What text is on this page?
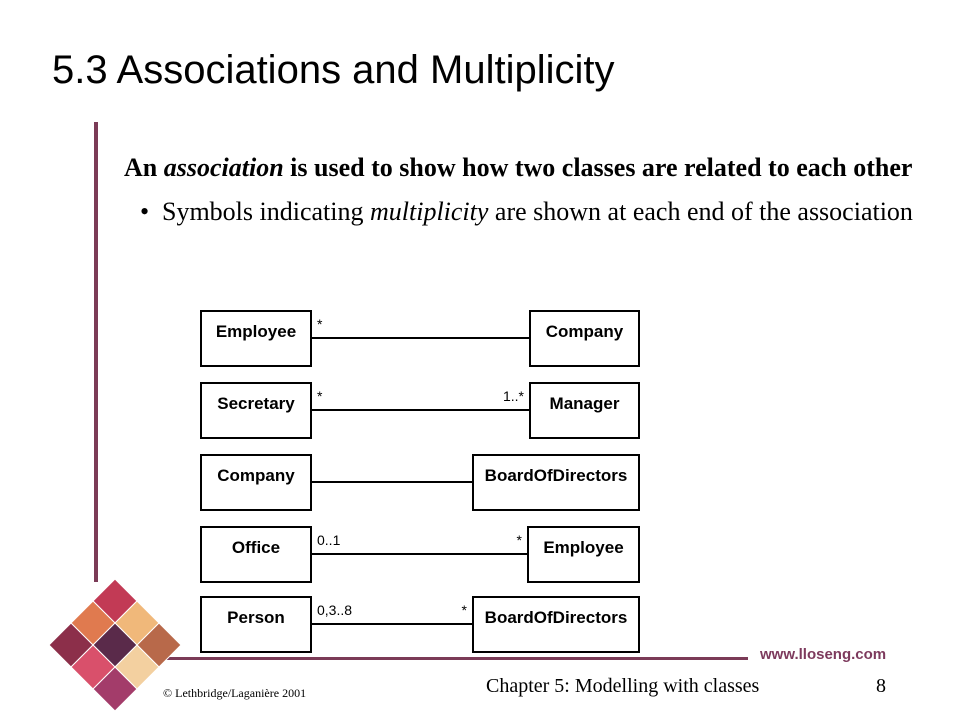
5.3 Associations and Multiplicity

An association is used to show how two classes are related to each other

• Symbols indicating multiplicity are shown at each end of the association
Employee	Company
*
Secretary	Manager
*	1..*
Company	BoardOfDirectors
Office	Employee
0..1	*
Person	BoardOfDirectors
0,3..8	*
www.lloseng.com
© Lethbridge/Laganière 2001	Chapter 5: Modelling with classes	8
